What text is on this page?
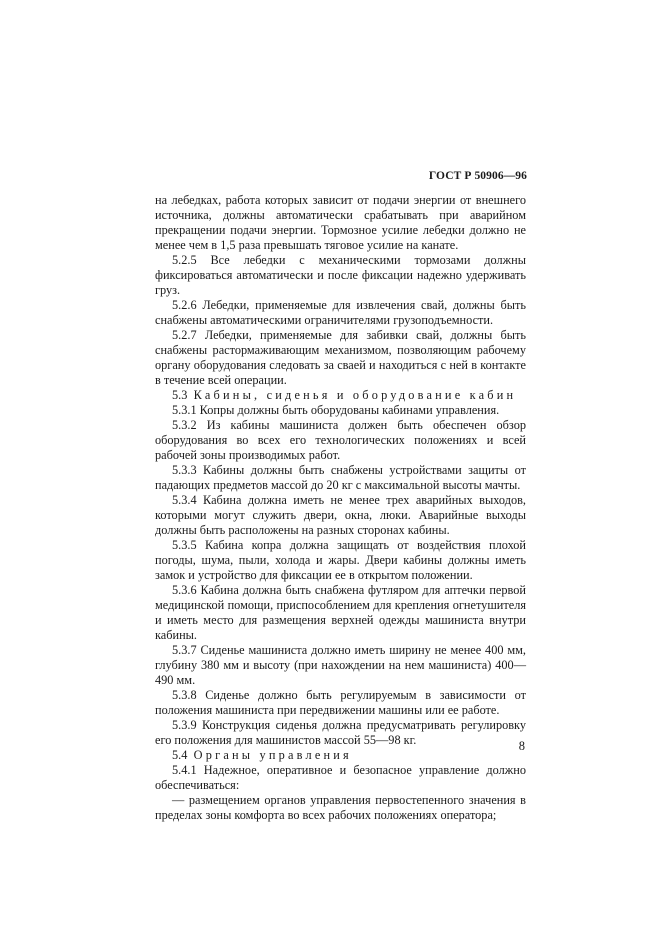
ГОСТ Р 50906—96

на лебедках, работа которых зависит от подачи энергии от внешнего источника, должны автоматически срабатывать при аварийном прекращении подачи энергии. Тормозное усилие лебедки должно не менее чем в 1,5 раза превышать тяговое усилие на канате.

5.2.5 Все лебедки с механическими тормозами должны фиксироваться автоматически и после фиксации надежно удерживать груз.

5.2.6 Лебедки, применяемые для извлечения свай, должны быть снабжены автоматическими ограничителями грузоподъемности.

5.2.7 Лебедки, применяемые для забивки свай, должны быть снабжены растормаживающим механизмом, позволяющим рабочему органу оборудования следовать за сваей и находиться с ней в контакте в течение всей операции.

5.3 Кабины, сиденья и оборудование кабин

5.3.1 Копры должны быть оборудованы кабинами управления.

5.3.2 Из кабины машиниста должен быть обеспечен обзор оборудования во всех его технологических положениях и всей рабочей зоны производимых работ.

5.3.3 Кабины должны быть снабжены устройствами защиты от падающих предметов массой до 20 кг с максимальной высоты мачты.

5.3.4 Кабина должна иметь не менее трех аварийных выходов, которыми могут служить двери, окна, люки. Аварийные выходы должны быть расположены на разных сторонах кабины.

5.3.5 Кабина копра должна защищать от воздействия плохой погоды, шума, пыли, холода и жары. Двери кабины должны иметь замок и устройство для фиксации ее в открытом положении.

5.3.6 Кабина должна быть снабжена футляром для аптечки первой медицинской помощи, приспособлением для крепления огнетушителя и иметь место для размещения верхней одежды машиниста внутри кабины.

5.3.7 Сиденье машиниста должно иметь ширину не менее 400 мм, глубину 380 мм и высоту (при нахождении на нем машиниста) 400—490 мм.

5.3.8 Сиденье должно быть регулируемым в зависимости от положения машиниста при передвижении машины или ее работе.

5.3.9 Конструкция сиденья должна предусматривать регулировку его положения для машинистов массой 55—98 кг.

5.4 Органы управления

5.4.1 Надежное, оперативное и безопасное управление должно обеспечиваться:

— размещением органов управления первостепенного значения в пределах зоны комфорта во всех рабочих положениях оператора;

8
